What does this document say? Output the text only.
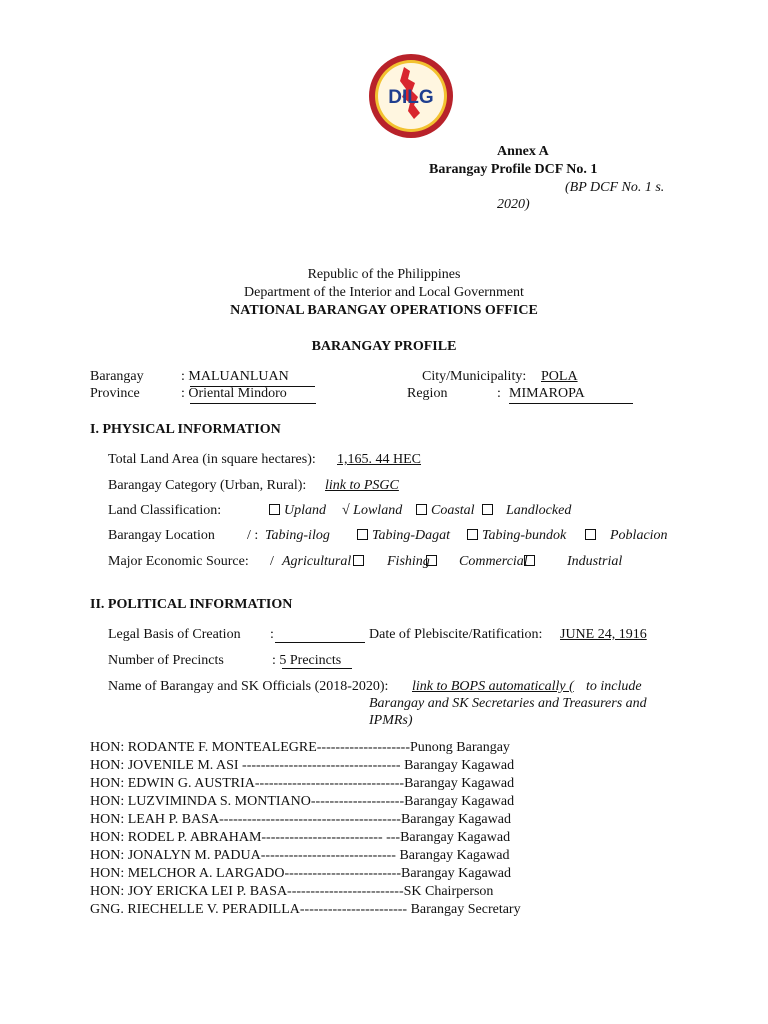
DILG
Annex A
Barangay Profile DCF No. 1
(BP DCF No. 1 s.
2020)
Republic of the Philippines
Department of the Interior and Local Government
NATIONAL BARANGAY OPERATIONS OFFICE
BARANGAY PROFILE
Barangay	: MALUANLUAN	City/Municipality: POLA
Province	: Oriental Mindoro	Region	: MIMAROPA
I. PHYSICAL INFORMATION
Total Land Area (in square hectares): 1,165. 44 HEC
Barangay Category (Urban, Rural): link to PSGC
Land Classification:	Upland √ Lowland	Coastal Landlocked
Barangay Location / : Tabing-ilog	Tabing-Dagat	Tabing-bundok	Poblacion
Major Economic Source: / Agricultural	Fishing	Commercial	Industrial
II. POLITICAL INFORMATION
Legal Basis of Creation :	Date of Plebiscite/Ratification: JUNE 24, 1916
Number of Precincts	: 5 Precincts
Name of Barangay and SK Officials (2018-2020): link to BOPS automatically ( to include
Barangay and SK Secretaries and Treasurers and
IPMRs)
HON: RODANTE F. MONTEALEGRE--------------------Punong Barangay
HON: JOVENILE M. ASI ---------------------------------- Barangay Kagawad
HON: EDWIN G. AUSTRIA--------------------------------Barangay Kagawad
HON: LUZVIMINDA S. MONTIANO--------------------Barangay Kagawad
HON: LEAH P. BASA---------------------------------------Barangay Kagawad
HON: RODEL P. ABRAHAM-------------------------- ---Barangay Kagawad
HON: JONALYN M. PADUA----------------------------- Barangay Kagawad
HON: MELCHOR A. LARGADO-------------------------Barangay Kagawad
HON: JOY ERICKA LEI P. BASA-------------------------SK Chairperson
GNG. RIECHELLE V. PERADILLA----------------------- Barangay Secretary
